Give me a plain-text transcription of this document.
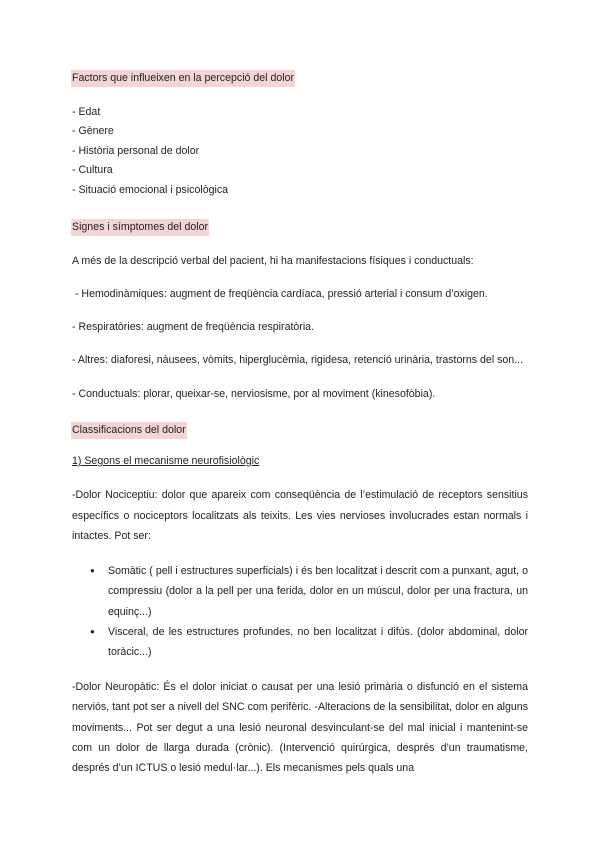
Factors que influeixen en la percepció del dolor
- Edat
- Gènere
- Història personal de dolor
- Cultura
- Situació emocional i psicològica
Signes i símptomes del dolor

A més de la descripció verbal del pacient, hi ha manifestacions físiques i conductuals:

- Hemodinàmiques: augment de freqüència cardíaca, pressió arterial i consum d’oxigen.

- Respiratòries: augment de freqüència respiratòria.

- Altres: diaforesi, nàusees, vòmits, hiperglucèmia, rigidesa, retenció urinària, trastorns del son...

- Conductuals: plorar, queixar-se, nerviosisme, por al moviment (kinesofòbia).

Classificacions del dolor

1) Segons el mecanisme neurofisiològic

-Dolor Nociceptiu: dolor que apareix com conseqüència de l’estimulació de receptors sensitius específics o nociceptors localitzats als teixits. Les vies nervioses involucrades estan normals i intactes. Pot ser:

● Somàtic ( pell i estructures superficials) i és ben localitzat i descrit com a punxant, agut, o compressiu (dolor a la pell per una ferida, dolor en un múscul, dolor per una fractura, un equinç...)
● Visceral, de les estructures profundes, no ben localitzat i difús. (dolor abdominal, dolor toràcic...)

-Dolor Neuropàtic: És el dolor iniciat o causat per una lesió primària o disfunció en el sistema nerviós, tant pot ser a nivell del SNC com perifèric. -Alteracions de la sensibilitat, dolor en alguns moviments... Pot ser degut a una lesió neuronal desvinculant-se del mal inicial i mantenint-se com un dolor de llarga durada (crònic). (Intervenció quirúrgica, després d’un traumatisme, després d’un ICTUS o lesió medul·lar...). Els mecanismes pels quals una
